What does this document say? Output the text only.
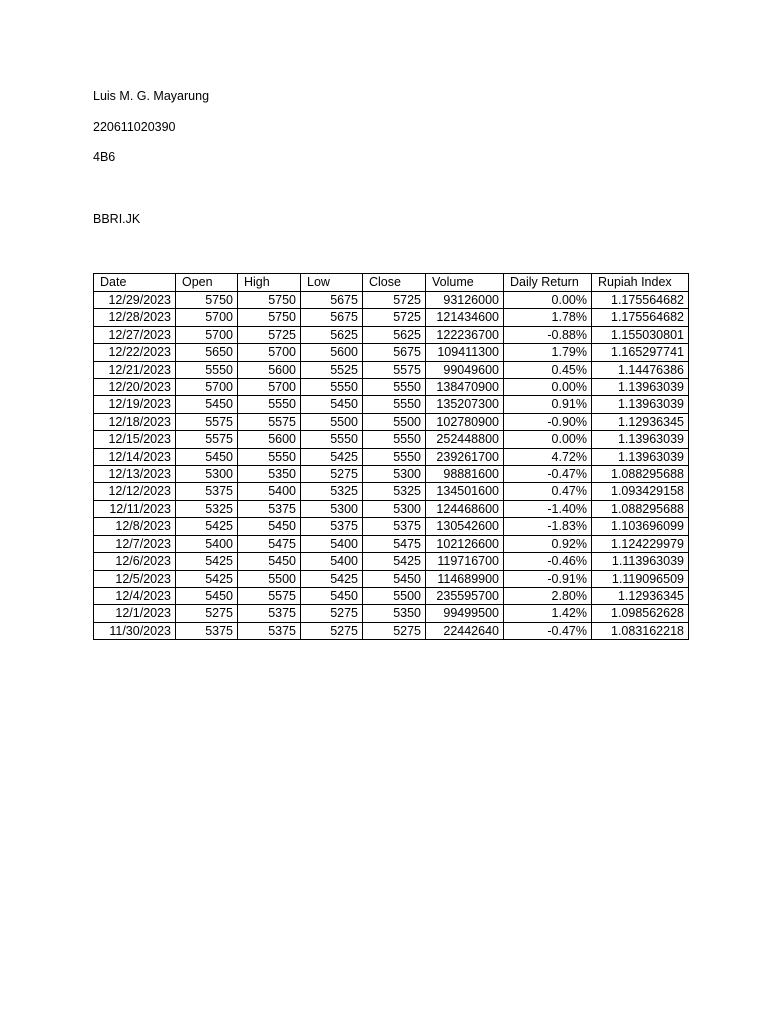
Luis M. G. Mayarung
220611020390
4B6
BBRI.JK
Date	Open	High	Low	Close	Volume	Daily Return	Rupiah Index
12/29/2023	5750	5750	5675	5725	93126000	0.00%	1.175564682
12/28/2023	5700	5750	5675	5725	121434600	1.78%	1.175564682
12/27/2023	5700	5725	5625	5625	122236700	-0.88%	1.155030801
12/22/2023	5650	5700	5600	5675	109411300	1.79%	1.165297741
12/21/2023	5550	5600	5525	5575	99049600	0.45%	1.14476386
12/20/2023	5700	5700	5550	5550	138470900	0.00%	1.13963039
12/19/2023	5450	5550	5450	5550	135207300	0.91%	1.13963039
12/18/2023	5575	5575	5500	5500	102780900	-0.90%	1.12936345
12/15/2023	5575	5600	5550	5550	252448800	0.00%	1.13963039
12/14/2023	5450	5550	5425	5550	239261700	4.72%	1.13963039
12/13/2023	5300	5350	5275	5300	98881600	-0.47%	1.088295688
12/12/2023	5375	5400	5325	5325	134501600	0.47%	1.093429158
12/11/2023	5325	5375	5300	5300	124468600	-1.40%	1.088295688
12/8/2023	5425	5450	5375	5375	130542600	-1.83%	1.103696099
12/7/2023	5400	5475	5400	5475	102126600	0.92%	1.124229979
12/6/2023	5425	5450	5400	5425	119716700	-0.46%	1.113963039
12/5/2023	5425	5500	5425	5450	114689900	-0.91%	1.119096509
12/4/2023	5450	5575	5450	5500	235595700	2.80%	1.12936345
12/1/2023	5275	5375	5275	5350	99499500	1.42%	1.098562628
11/30/2023	5375	5375	5275	5275	22442640	-0.47%	1.083162218
